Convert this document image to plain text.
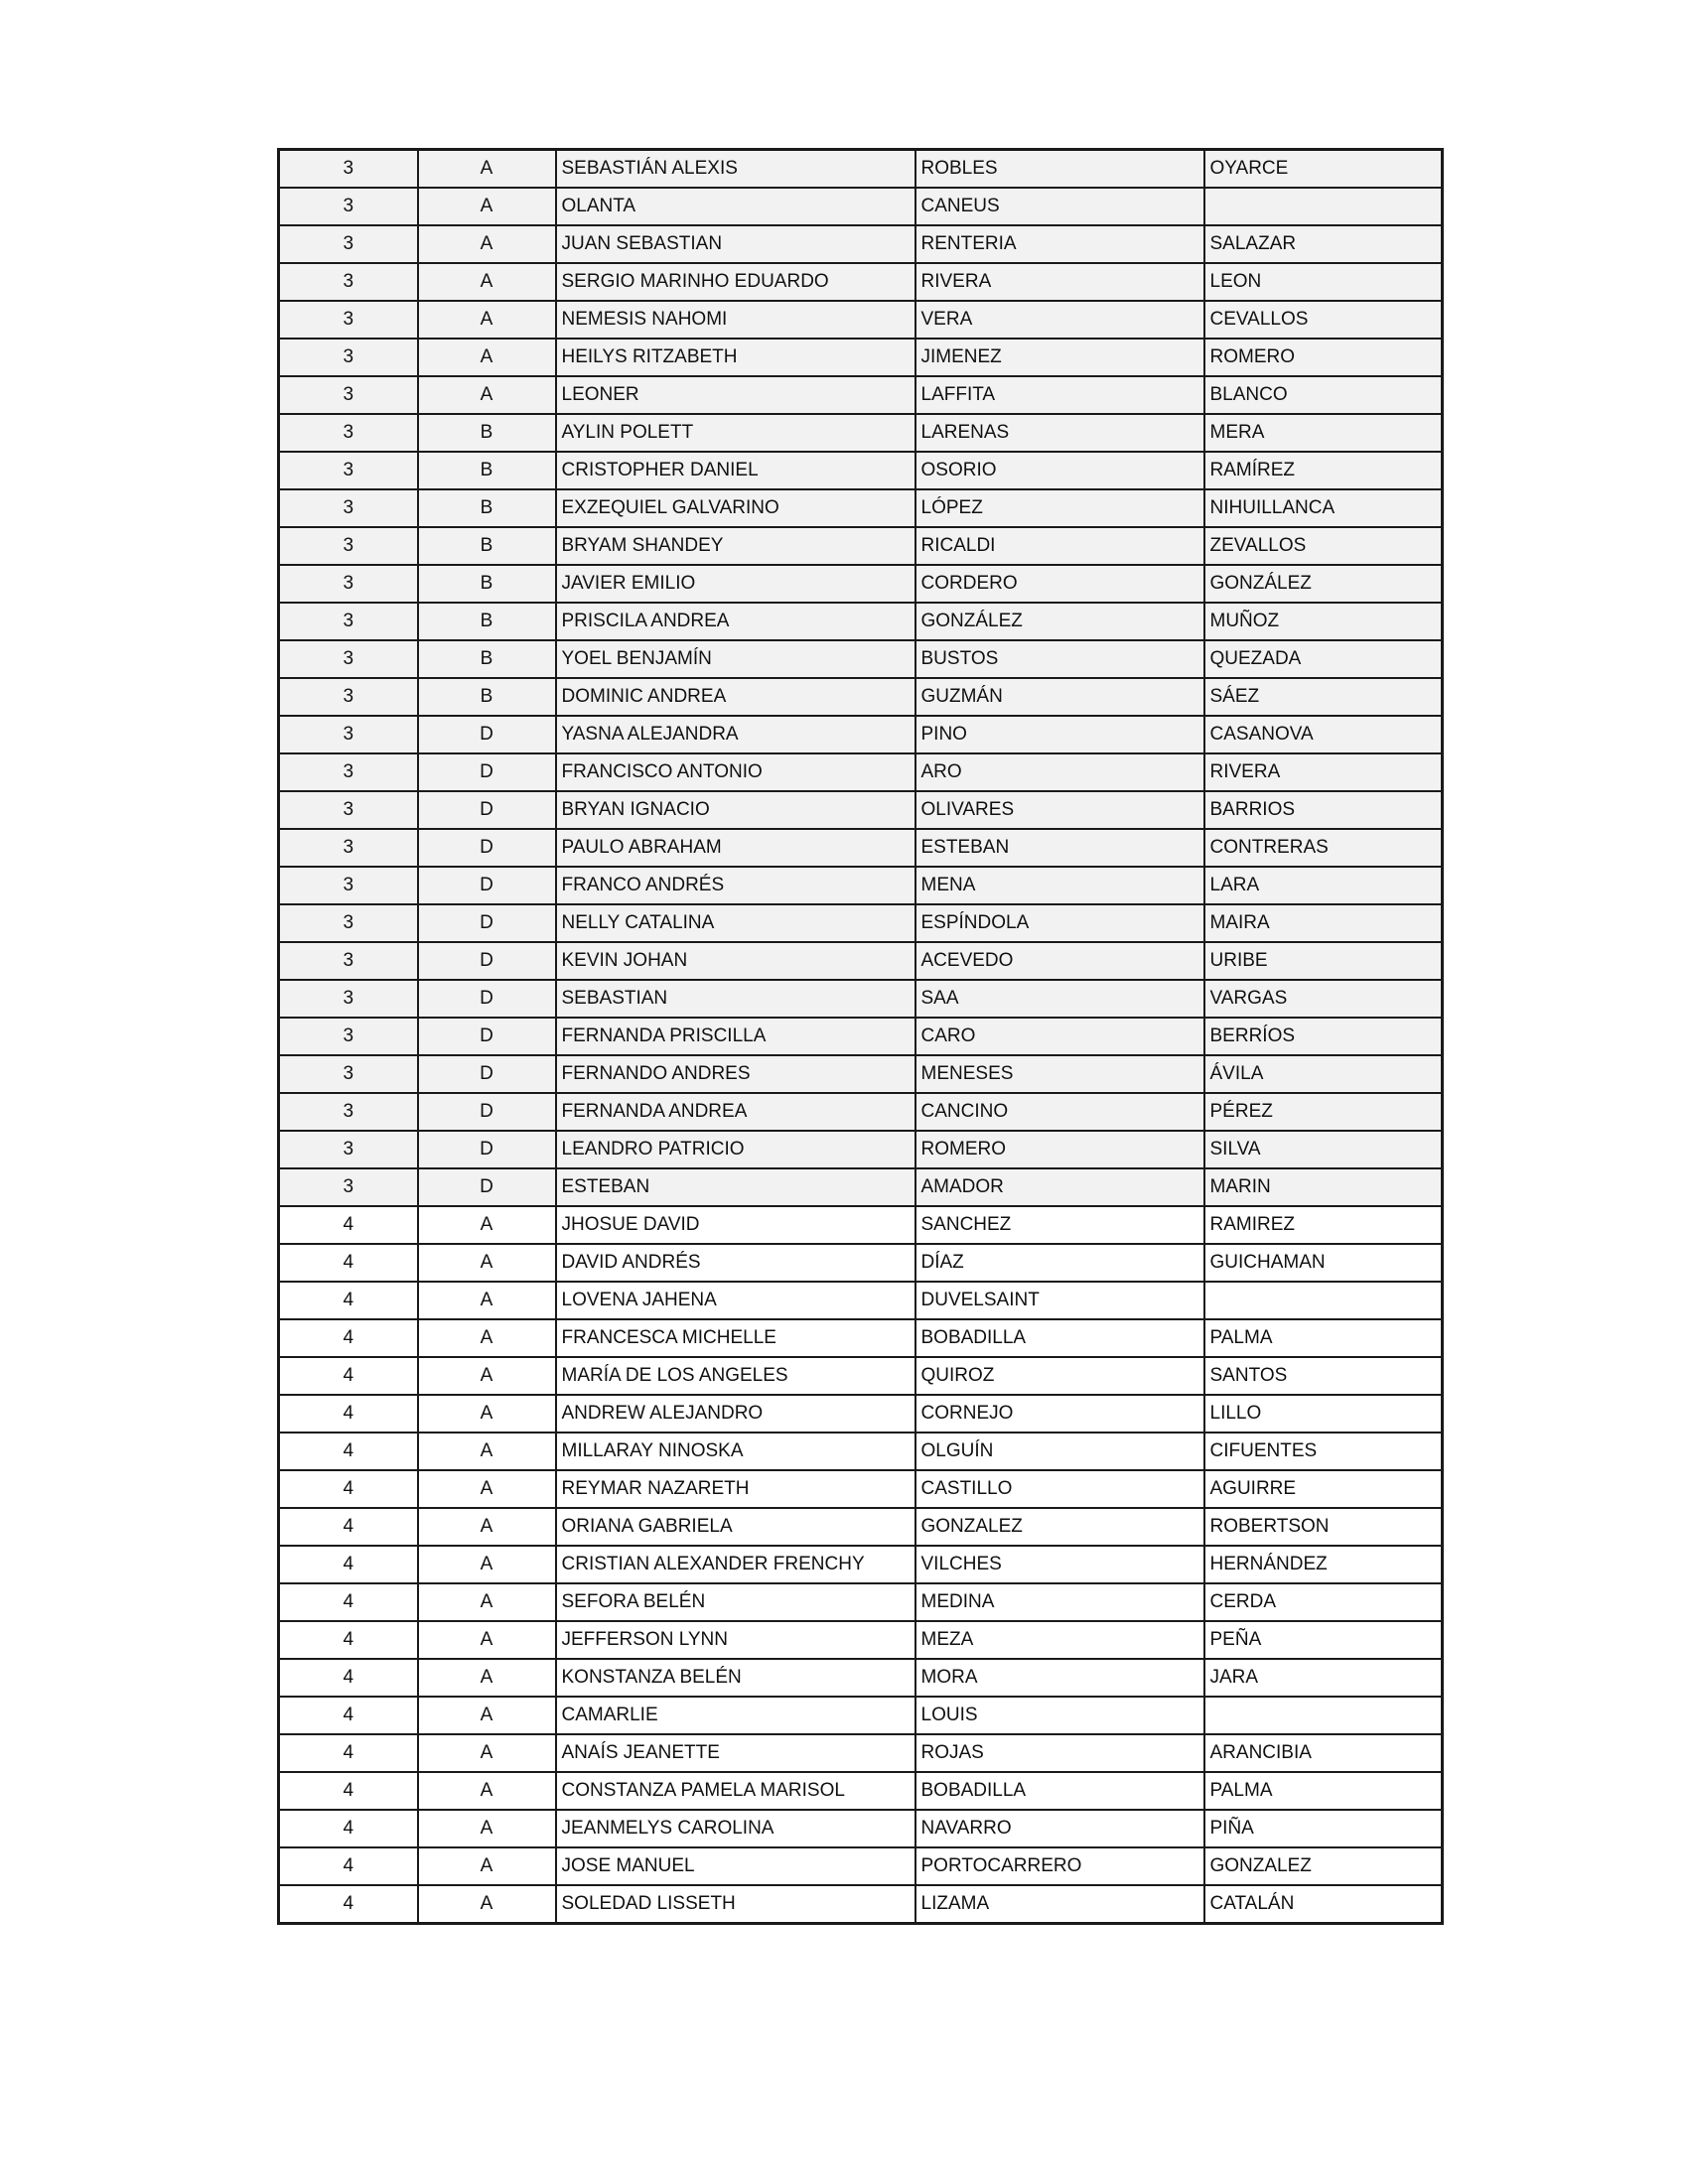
3	A	SEBASTIÁN ALEXIS	ROBLES	OYARCE
3	A	OLANTA	CANEUS	
3	A	JUAN SEBASTIAN	RENTERIA	SALAZAR
3	A	SERGIO MARINHO EDUARDO	RIVERA	LEON
3	A	NEMESIS NAHOMI	VERA	CEVALLOS
3	A	HEILYS RITZABETH	JIMENEZ	ROMERO
3	A	LEONER	LAFFITA	BLANCO
3	B	AYLIN POLETT	LARENAS	MERA
3	B	CRISTOPHER DANIEL	OSORIO	RAMÍREZ
3	B	EXZEQUIEL GALVARINO	LÓPEZ	NIHUILLANCA
3	B	BRYAM SHANDEY	RICALDI	ZEVALLOS
3	B	JAVIER EMILIO	CORDERO	GONZÁLEZ
3	B	PRISCILA ANDREA	GONZÁLEZ	MUÑOZ
3	B	YOEL BENJAMÍN	BUSTOS	QUEZADA
3	B	DOMINIC ANDREA	GUZMÁN	SÁEZ
3	D	YASNA ALEJANDRA	PINO	CASANOVA
3	D	FRANCISCO ANTONIO	ARO	RIVERA
3	D	BRYAN IGNACIO	OLIVARES	BARRIOS
3	D	PAULO ABRAHAM	ESTEBAN	CONTRERAS
3	D	FRANCO ANDRÉS	MENA	LARA
3	D	NELLY CATALINA	ESPÍNDOLA	MAIRA
3	D	KEVIN JOHAN	ACEVEDO	URIBE
3	D	SEBASTIAN	SAA	VARGAS
3	D	FERNANDA PRISCILLA	CARO	BERRÍOS
3	D	FERNANDO ANDRES	MENESES	ÁVILA
3	D	FERNANDA ANDREA	CANCINO	PÉREZ
3	D	LEANDRO PATRICIO	ROMERO	SILVA
3	D	ESTEBAN	AMADOR	MARIN
4	A	JHOSUE DAVID	SANCHEZ	RAMIREZ
4	A	DAVID ANDRÉS	DÍAZ	GUICHAMAN
4	A	LOVENA JAHENA	DUVELSAINT	
4	A	FRANCESCA MICHELLE	BOBADILLA	PALMA
4	A	MARÍA DE LOS ANGELES	QUIROZ	SANTOS
4	A	ANDREW ALEJANDRO	CORNEJO	LILLO
4	A	MILLARAY NINOSKA	OLGUÍN	CIFUENTES
4	A	REYMAR NAZARETH	CASTILLO	AGUIRRE
4	A	ORIANA GABRIELA	GONZALEZ	ROBERTSON
4	A	CRISTIAN ALEXANDER FRENCHY	VILCHES	HERNÁNDEZ
4	A	SEFORA BELÉN	MEDINA	CERDA
4	A	JEFFERSON LYNN	MEZA	PEÑA
4	A	KONSTANZA BELÉN	MORA	JARA
4	A	CAMARLIE	LOUIS	
4	A	ANAÍS JEANETTE	ROJAS	ARANCIBIA
4	A	CONSTANZA PAMELA MARISOL	BOBADILLA	PALMA
4	A	JEANMELYS CAROLINA	NAVARRO	PIÑA
4	A	JOSE MANUEL	PORTOCARRERO	GONZALEZ
4	A	SOLEDAD LISSETH	LIZAMA	CATALÁN
